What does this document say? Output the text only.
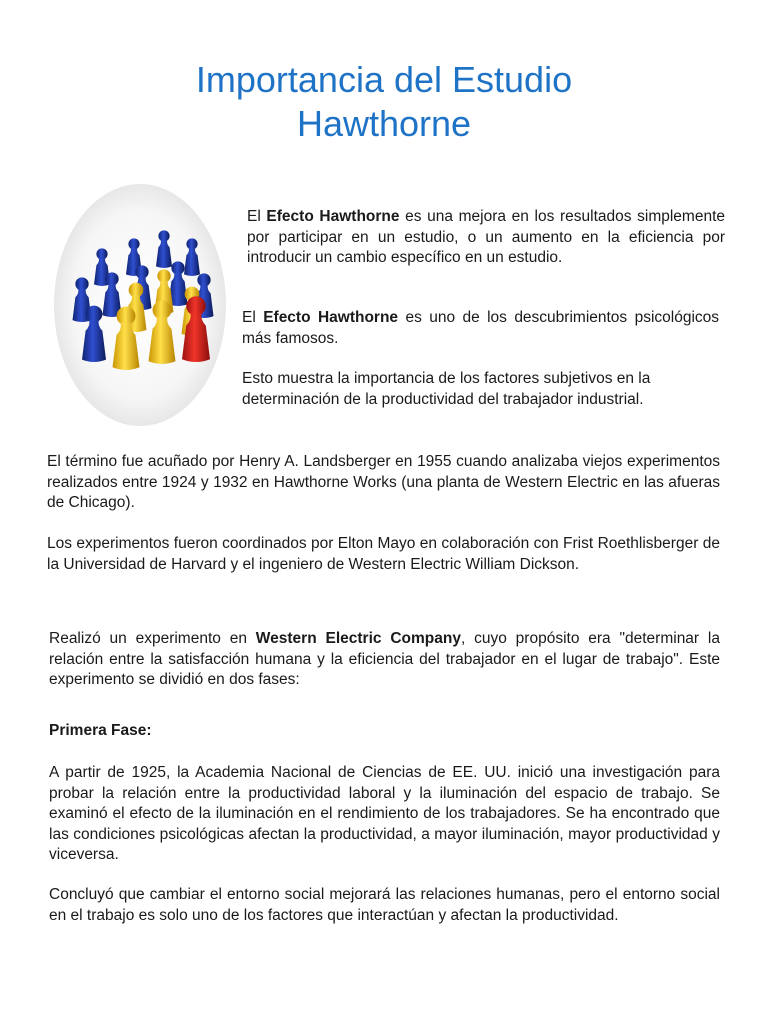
Importancia del Estudio
Hawthorne

El Efecto Hawthorne es una mejora en los resultados simplemente por participar en un estudio, o un aumento en la eficiencia por introducir un cambio específico en un estudio.

El Efecto Hawthorne es uno de los descubrimientos psicológicos más famosos.

Esto muestra la importancia de los factores subjetivos en la determinación de la productividad del trabajador industrial.

El término fue acuñado por Henry A. Landsberger en 1955 cuando analizaba viejos experimentos realizados entre 1924 y 1932 en Hawthorne Works (una planta de Western Electric en las afueras de Chicago).

Los experimentos fueron coordinados por Elton Mayo en colaboración con Frist Roethlisberger de la Universidad de Harvard y el ingeniero de Western Electric William Dickson.

Realizó un experimento en Western Electric Company, cuyo propósito era "determinar la relación entre la satisfacción humana y la eficiencia del trabajador en el lugar de trabajo". Este experimento se dividió en dos fases:

Primera Fase:

A partir de 1925, la Academia Nacional de Ciencias de EE. UU. inició una investigación para probar la relación entre la productividad laboral y la iluminación del espacio de trabajo. Se examinó el efecto de la iluminación en el rendimiento de los trabajadores. Se ha encontrado que las condiciones psicológicas afectan la productividad, a mayor iluminación, mayor productividad y viceversa.

Concluyó que cambiar el entorno social mejorará las relaciones humanas, pero el entorno social en el trabajo es solo uno de los factores que interactúan y afectan la productividad.
